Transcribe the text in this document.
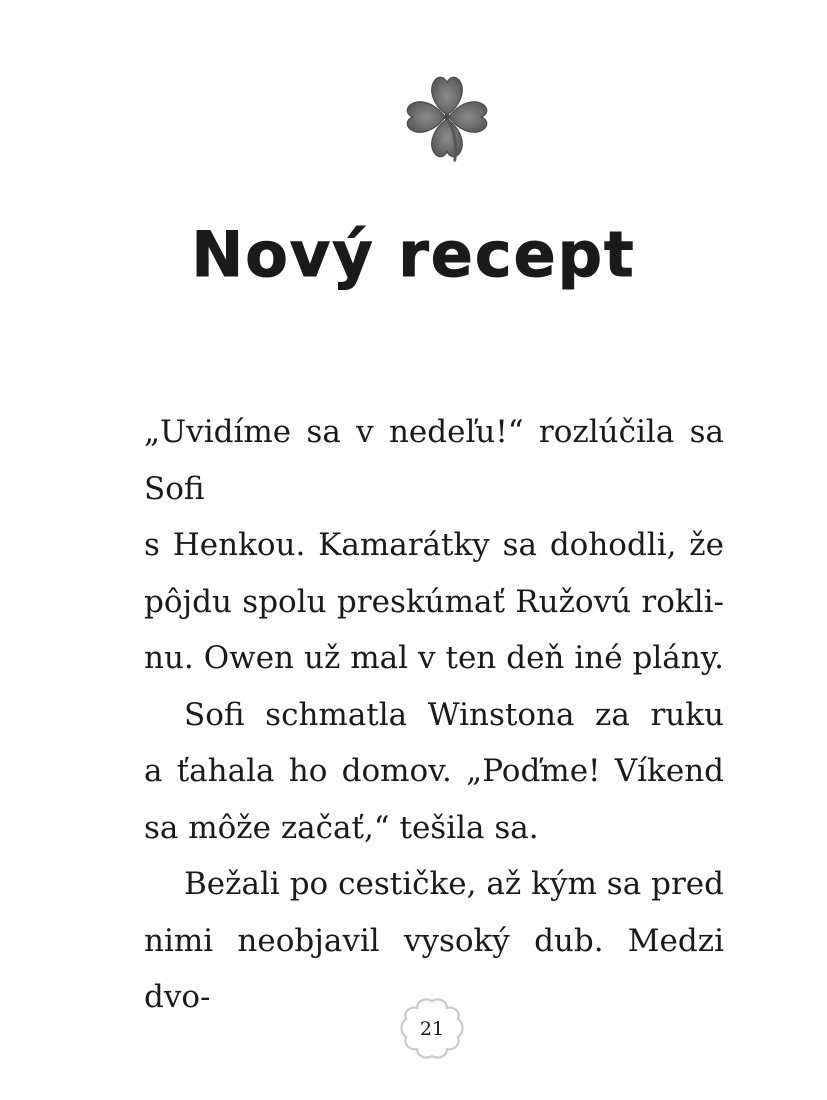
Nový recept
„Uvidíme sa v nedeľu!“ rozlúčila sa Sofi
s Henkou. Kamarátky sa dohodli, že
pôjdu spolu preskúmať Ružovú rokli-
nu. Owen už mal v ten deň iné plány.
Sofi schmatla Winstona za ruku
a ťahala ho domov. „Poďme! Víkend
sa môže začať,“ tešila sa.
Bežali po cestičke, až kým sa pred
nimi neobjavil vysoký dub. Medzi dvo-
21
